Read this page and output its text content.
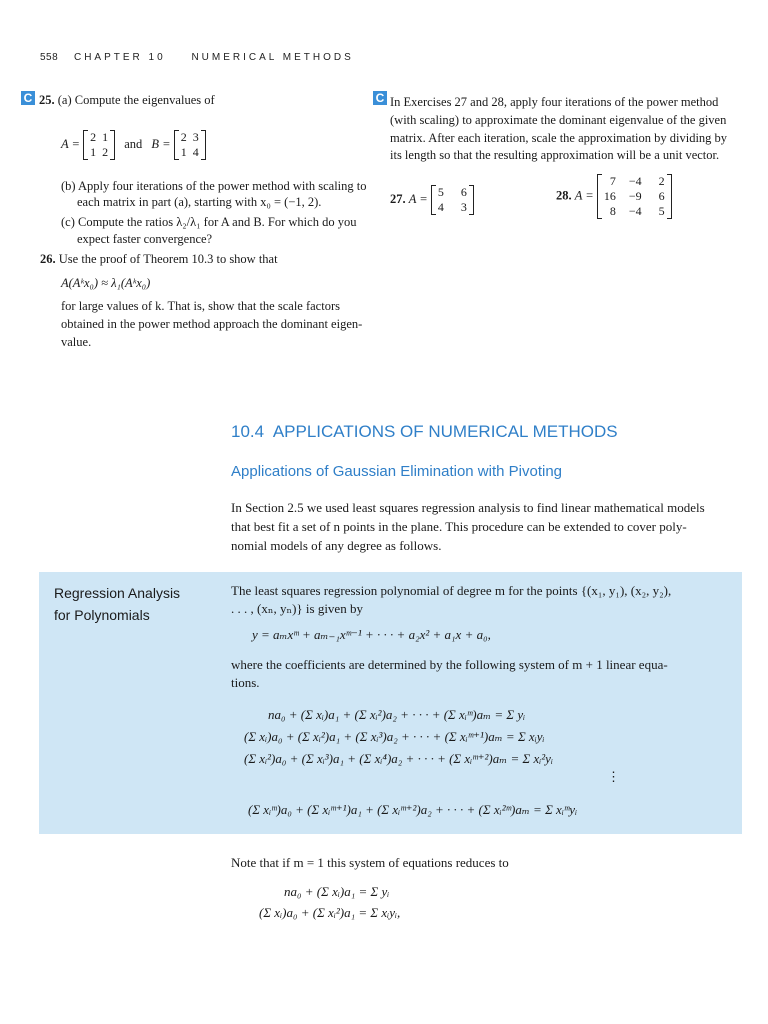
558 CHAPTER 10	NUMERICAL METHODS
C 25. (a) Compute the eigenvalues of
A = 2	1
1	2
and B = 2	3
1	4
(b) Apply four iterations of the power method with scaling to
each matrix in part (a), starting with x₀ = (−1, 2).
(c) Compute the ratios λ₂/λ₁ for A and B. For which do you
expect faster convergence?
26. Use the proof of Theorem 10.3 to show that
A(Aᵏx₀) ≈ λ₁(Aᵏx₀)
for large values of k. That is, show that the scale factors
obtained in the power method approach the dominant eigen-
value.
C In Exercises 27 and 28, apply four iterations of the power method
(with scaling) to approximate the dominant eigenvalue of the given
matrix. After each iteration, scale the approximation by dividing by
its length so that the resulting approximation will be a unit vector.
27. A = 5	6
4	3
28. A =
7	−4	2
16	−9	6
8	−4	5
10.4 APPLICATIONS OF NUMERICAL METHODS
Applications of Gaussian Elimination with Pivoting
In Section 2.5 we used least squares regression analysis to find linear mathematical models
that best fit a set of n points in the plane. This procedure can be extended to cover poly-
nomial models of any degree as follows.
Regression Analysis
for Polynomials
The least squares regression polynomial of degree m for the points {(x₁, y₁), (x₂, y₂),
. . . , (xₙ, yₙ)} is given by
y = aₘxᵐ + aₘ₋₁xᵐ⁻¹ + · · · + a₂x² + a₁x + a₀,
where the coefficients are determined by the following system of m + 1 linear equa-
tions.
na₀ + (Σ xᵢ)a₁ + (Σ xᵢ²)a₂ + · · · + (Σ xᵢᵐ)aₘ = Σ yᵢ
(Σ xᵢ)a₀ + (Σ xᵢ²)a₁ + (Σ xᵢ³)a₂ + · · · + (Σ xᵢᵐ⁺¹)aₘ = Σ xᵢyᵢ
(Σ xᵢ²)a₀ + (Σ xᵢ³)a₁ + (Σ xᵢ⁴)a₂ + · · · + (Σ xᵢᵐ⁺²)aₘ = Σ xᵢ²yᵢ
⋮
(Σ xᵢᵐ)a₀ + (Σ xᵢᵐ⁺¹)a₁ + (Σ xᵢᵐ⁺²)a₂ + · · · + (Σ xᵢ²ᵐ)aₘ = Σ xᵢᵐyᵢ
Note that if m = 1 this system of equations reduces to
na₀ + (Σ xᵢ)a₁ = Σ yᵢ
(Σ xᵢ)a₀ + (Σ xᵢ²)a₁ = Σ xᵢyᵢ,
